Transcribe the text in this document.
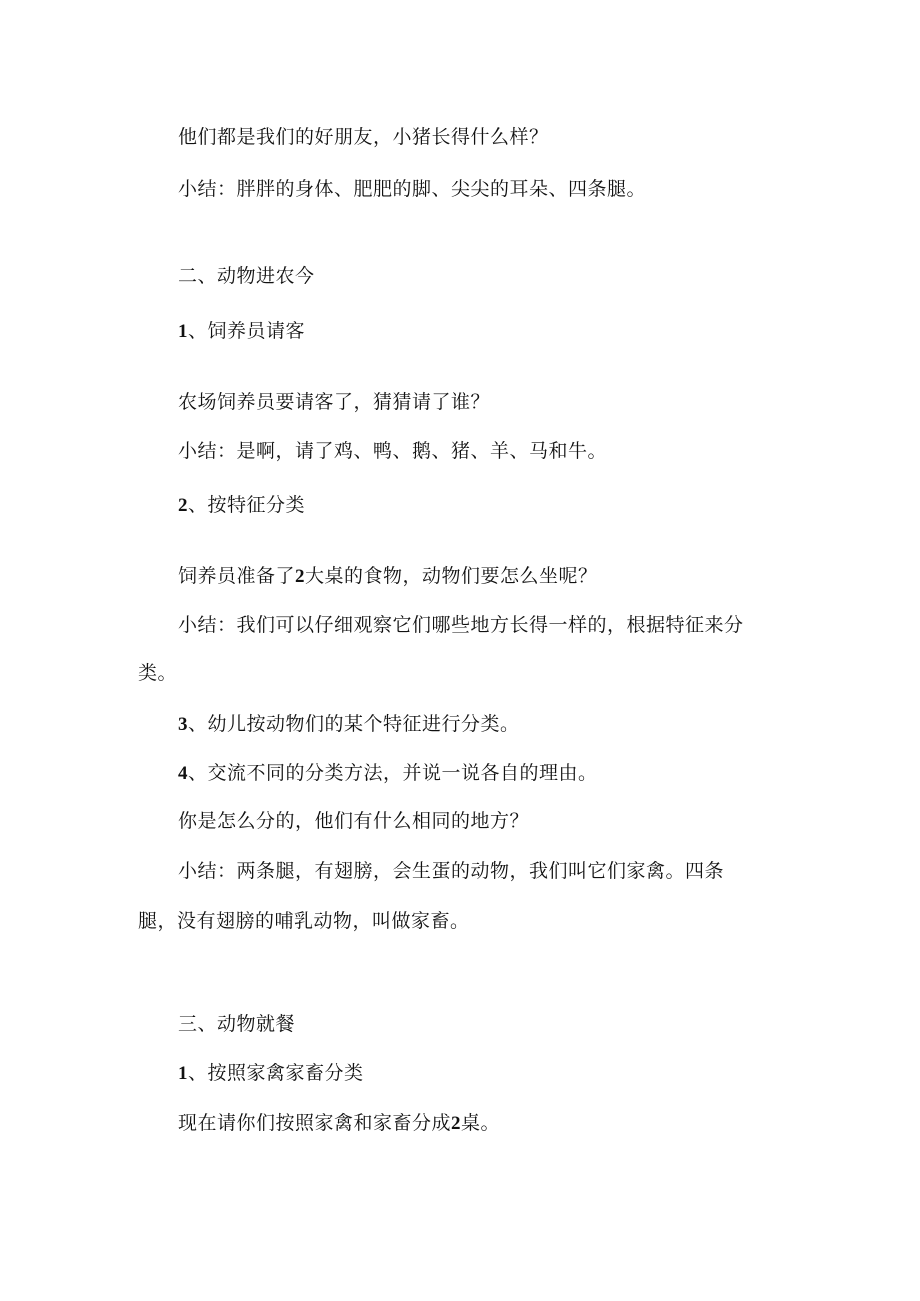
他们都是我们的好朋友，小猪长得什么样？

小结：胖胖的身体、肥肥的脚、尖尖的耳朵、四条腿。

二、动物进农今

1、饲养员请客

农场饲养员要请客了，猜猜请了谁？

小结：是啊，请了鸡、鸭、鹅、猪、羊、马和牛。

2、按特征分类

饲养员准备了2大桌的食物，动物们要怎么坐呢？

小结：我们可以仔细观察它们哪些地方长得一样的，根据特征来分

类。

3、幼儿按动物们的某个特征进行分类。

4、交流不同的分类方法，并说一说各自的理由。

你是怎么分的，他们有什么相同的地方？

小结：两条腿，有翅膀，会生蛋的动物，我们叫它们家禽。四条

腿，没有翅膀的哺乳动物，叫做家畜。

三、动物就餐

1、按照家禽家畜分类

现在请你们按照家禽和家畜分成2桌。
